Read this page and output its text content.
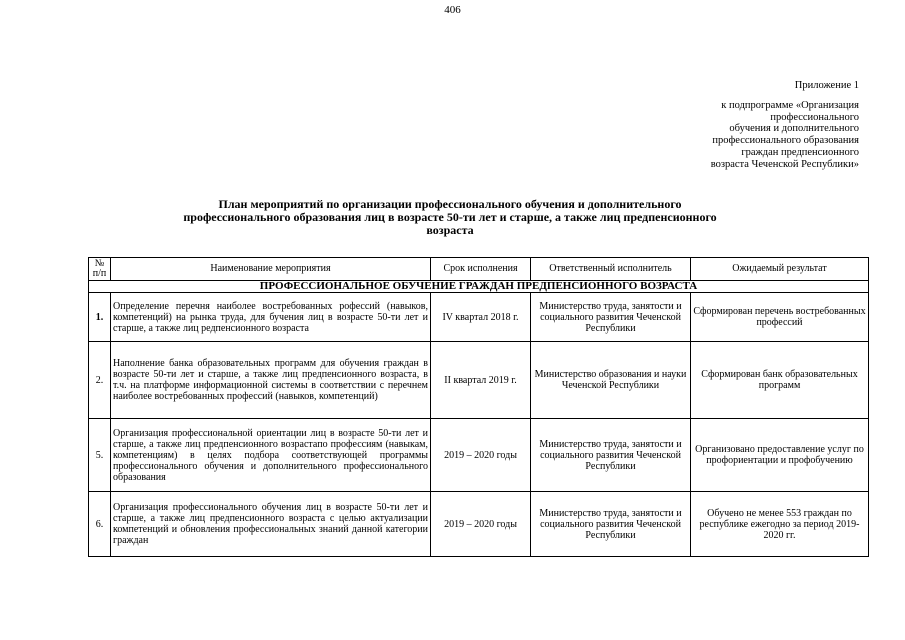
406
Приложение 1
к подпрограмме «Организация
профессионального
обучения и дополнительного
профессионального образования
граждан предпенсионного
возраста Чеченской Республики»
План мероприятий по организации профессионального обучения и дополнительного
профессионального образования лиц в возрасте 50-ти лет и старше, а также лиц предпенсионного
возраста
№ п/п	Наименование мероприятия	Срок исполнения	Ответственный исполнитель	Ожидаемый результат
ПРОФЕССИОНАЛЬНОЕ ОБУЧЕНИЕ ГРАЖДАН ПРЕДПЕНСИОННОГО ВОЗРАСТА				
1.	Определение перечня наиболее востребованных рофессий (навыков, компетенций) на рынка труда, для бучения лиц в возрасте 50-ти лет и старше, а также лиц редпенсионного возраста	IV квартал 2018 г.	Министерство труда, занятости и социального развития Чеченской Республики	Сформирован перечень востребованных профессий
2.	Наполнение банка образовательных программ для обучения граждан в возрасте 50-ти лет и старше, а также лиц предпенсионного возраста, в т.ч. на платформе информационной системы в соответствии с перечнем наиболее востребованных профессий (навыков, компетенций)	II квартал 2019 г.	Министерство образования и науки Чеченской Республики	Сформирован банк образовательных программ
5.	Организация профессиональной ориентации лиц в возрасте 50-ти лет и старше, а также лиц предпенсионного возрастапо профессиям (навыкам, компетенциям) в целях подбора соответствующей программы профессионального обучения и дополнительного профессионального образования	2019 – 2020 годы	Министерство труда, занятости и социального развития Чеченской Республики	Организовано предоставление услуг по профориентации и профобучению
6.	Организация профессионального обучения лиц в возрасте 50-ти лет и старше, а также лиц предпенсионного возраста с целью актуализации компетенций и обновления профессиональных знаний данной категории граждан	2019 – 2020 годы	Министерство труда, занятости и социального развития Чеченской Республики	Обучено не менее 553 граждан по республике ежегодно за период 2019-2020 гг.
